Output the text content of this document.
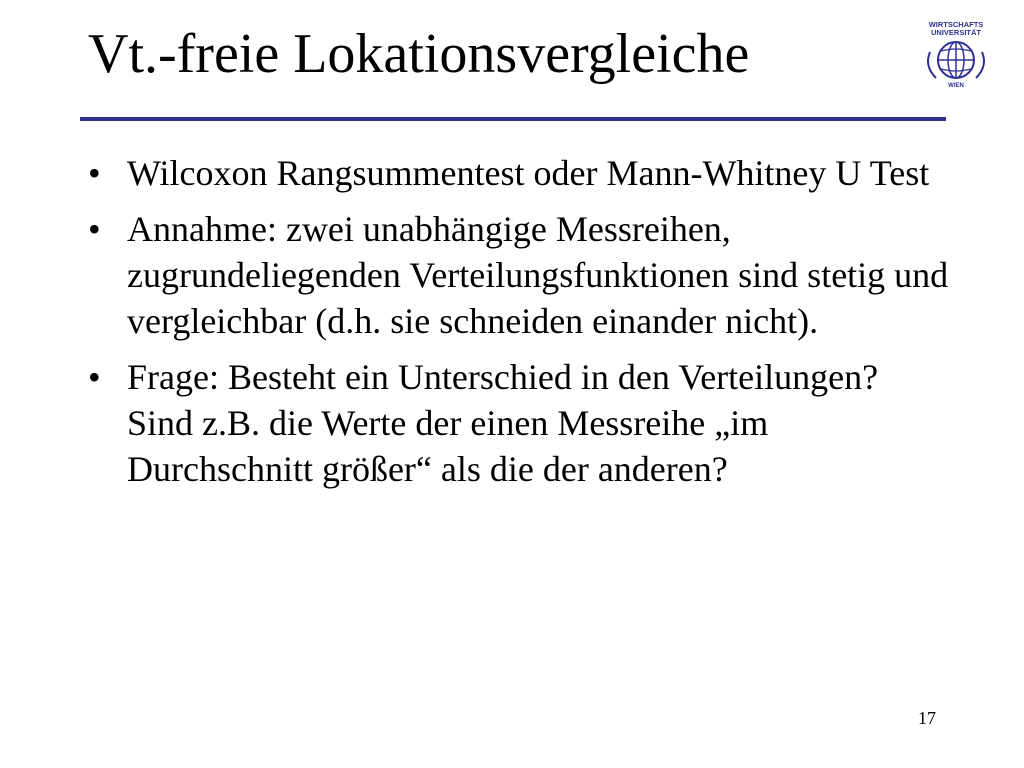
Vt.-freie Lokationsvergleiche	WIRTSCHAFTS
UNIVERSITÄT
WIEN
• Wilcoxon Rangsummentest oder Mann-Whitney U Test
• Annahme: zwei unabhängige Messreihen, zugrundeliegenden Verteilungsfunktionen sind stetig und vergleichbar (d.h. sie schneiden einander nicht).
• Frage: Besteht ein Unterschied in den Verteilungen? Sind z.B. die Werte der einen Messreihe „im Durchschnitt größer“ als die der anderen?
17
